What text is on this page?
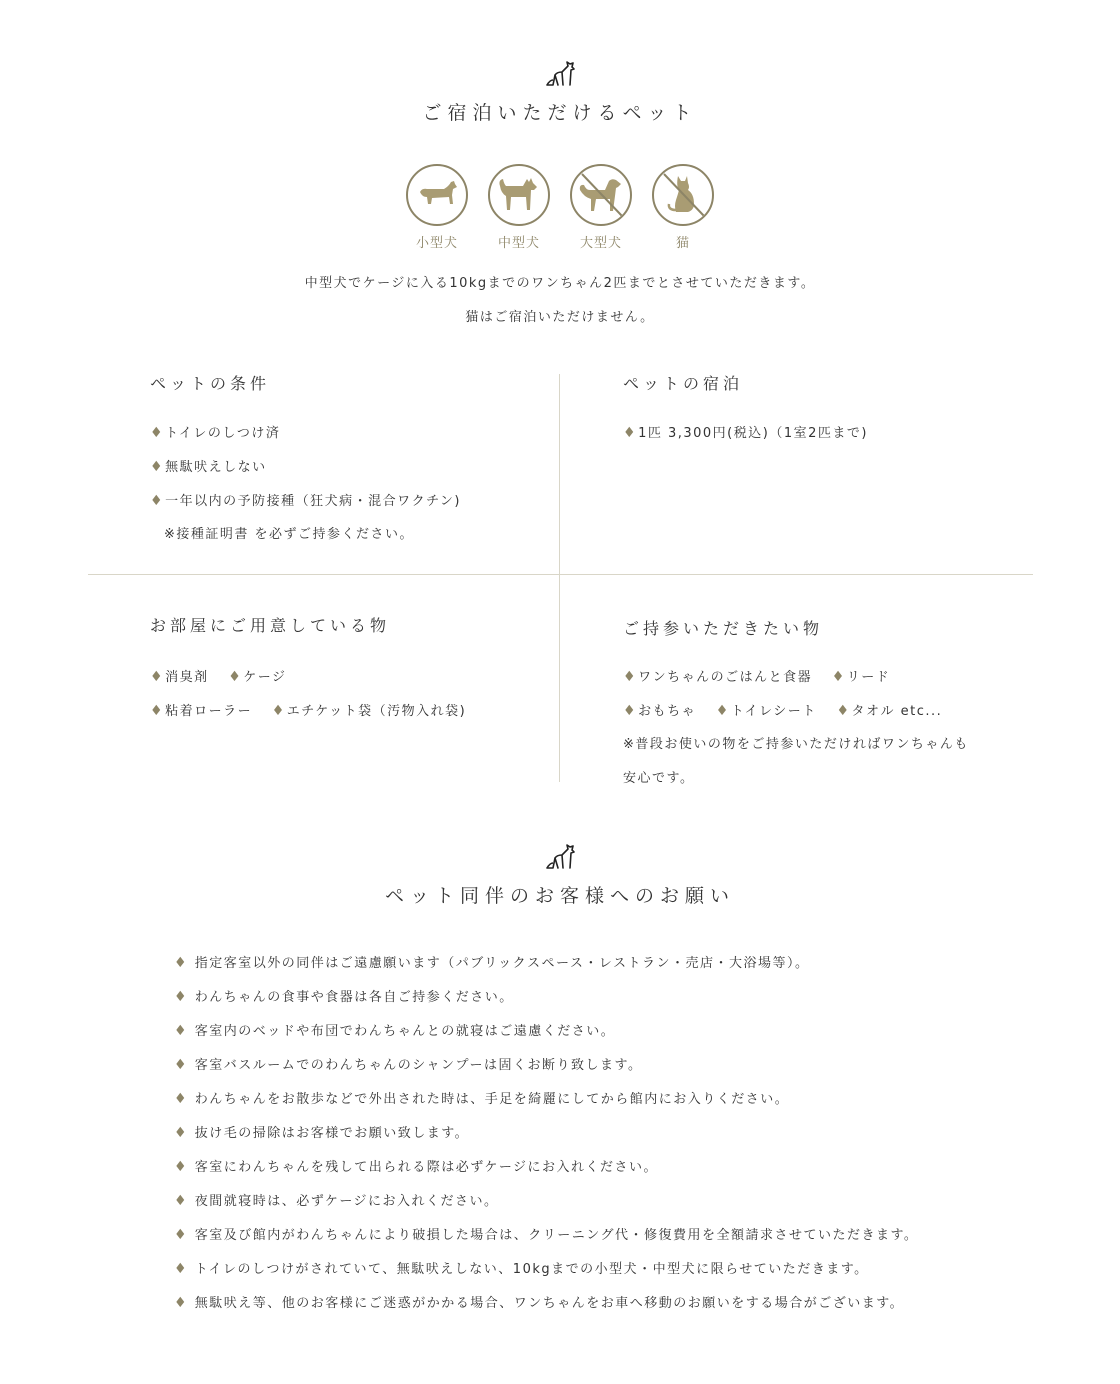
ご宿泊いただけるペット
小型犬	中型犬	大型犬	猫
中型犬でケージに入る10kgまでのワンちゃん2匹までとさせていただきます。
猫はご宿泊いただけません。
ペットの条件
♦トイレのしつけ済
♦無駄吠えしない
♦一年以内の予防接種（狂犬病・混合ワクチン)
※接種証明書 を必ずご持参ください。
ペットの宿泊
♦1匹 3,300円(税込)（1室2匹まで)
お部屋にご用意している物
♦消臭剤 ♦ケージ
♦粘着ローラー ♦エチケット袋（汚物入れ袋)
ご持参いただきたい物
♦ワンちゃんのごはんと食器 ♦リード
♦おもちゃ ♦トイレシート ♦タオル etc...
※普段お使いの物をご持参いただければワンちゃんも
安心です。
ペット同伴のお客様へのお願い
♦ 指定客室以外の同伴はご遠慮願います（パブリックスペース・レストラン・売店・大浴場等）。
♦ わんちゃんの食事や食器は各自ご持参ください。
♦ 客室内のベッドや布団でわんちゃんとの就寝はご遠慮ください。
♦ 客室バスルームでのわんちゃんのシャンプーは固くお断り致します。
♦ わんちゃんをお散歩などで外出された時は、手足を綺麗にしてから館内にお入りください。
♦ 抜け毛の掃除はお客様でお願い致します。
♦ 客室にわんちゃんを残して出られる際は必ずケージにお入れください。
♦ 夜間就寝時は、必ずケージにお入れください。
♦ 客室及び館内がわんちゃんにより破損した場合は、クリーニング代・修復費用を全額請求させていただきます。
♦ トイレのしつけがされていて、無駄吠えしない、10kgまでの小型犬・中型犬に限らせていただきます。
♦ 無駄吠え等、他のお客様にご迷惑がかかる場合、ワンちゃんをお車へ移動のお願いをする場合がございます。
